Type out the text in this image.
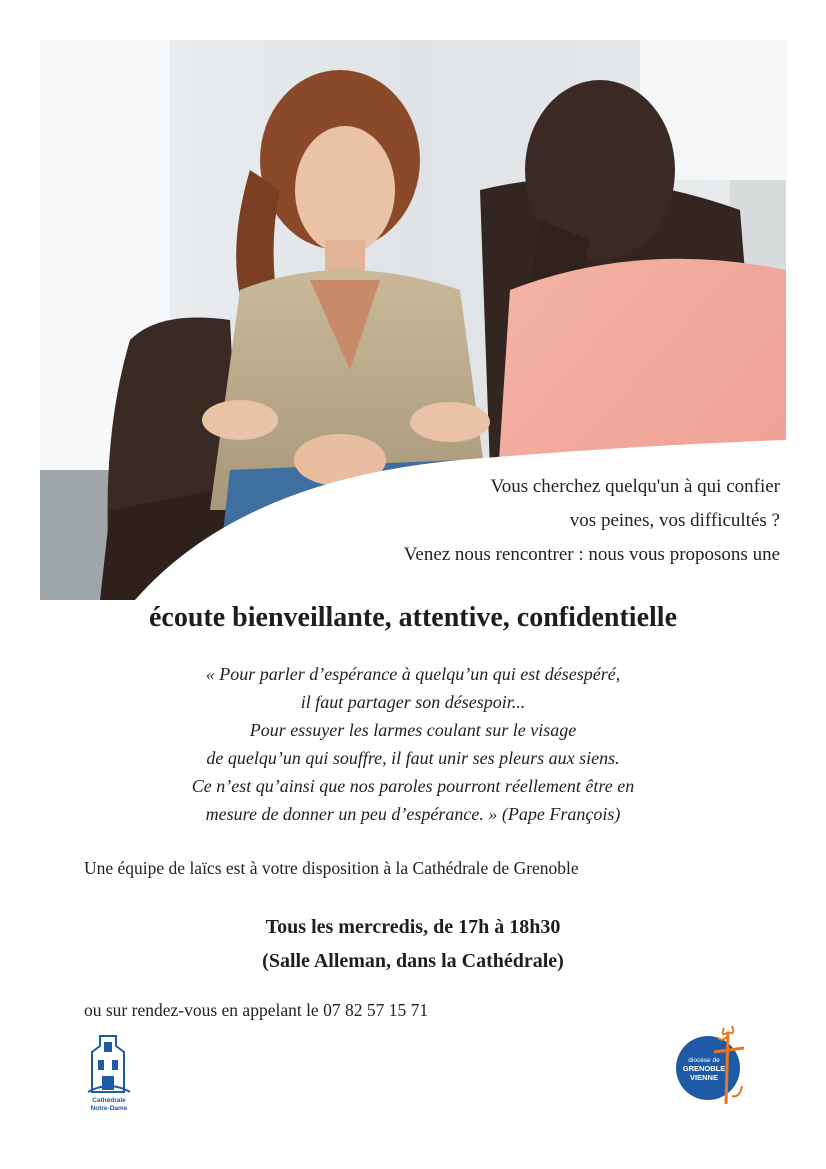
Vous cherchez quelqu'un à qui confier
vos peines, vos difficultés ?
Venez nous rencontrer : nous vous proposons une
écoute bienveillante, attentive, confidentielle
« Pour parler d’espérance à quelqu’un qui est désespéré,
il faut partager son désespoir...
Pour essuyer les larmes coulant sur le visage
de quelqu’un qui souffre, il faut unir ses pleurs aux siens.
Ce n’est qu’ainsi que nos paroles pourront réellement être en
mesure de donner un peu d’espérance. » (Pape François)
Une équipe de laïcs est à votre disposition à la Cathédrale de Grenoble
Tous les mercredis, de 17h à 18h30
(Salle Alleman, dans la Cathédrale)
ou sur rendez-vous en appelant le 07 82 57 15 71
Cathédrale
Notre-Dame
diocèse de
GRENOBLE
VIENNE
